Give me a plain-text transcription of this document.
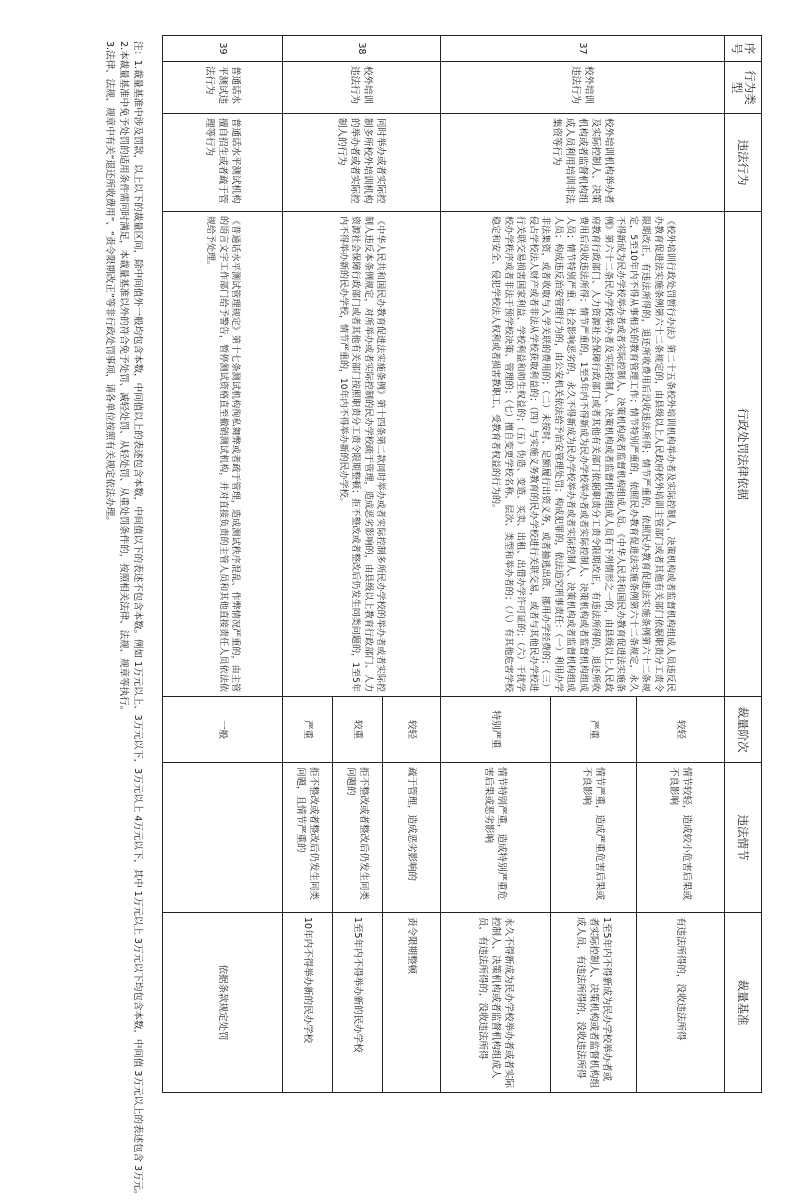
序号	行为类型	违法行为	行政处罚法律依据	裁量阶次	违法情节	裁量基准
37	校外培训违法行为	校外培训机构举办者及实际控制人、决策机构或者监督机构组成人员利用培训非法集资等行为	《校外培训行政处罚暂行办法》第二十五条校外培训机构举办者及实际控制人、决策机构或者监督机构组成人员违反民办教育促进法实施条例第六十二条规定的，由县级以上人民政府校外培训主管部门或者其他有关部门依据职责分工责令限期改正，有违法所得的，退还所收费用后没收违法所得；情节严重的，依照民办教育促进法实施条例第六十二条规定，5至10年内不得从事相关的教育管理工作；情节特别严重的，依照民办教育促进法实施条例第六十二条规定，永久不得新成为民办学校举办者或者实际控制人、决策机构或者监督机构组成人员。《中华人民共和国民办教育促进法实施条例》第六十二条民办学校举办者及实际控制人、决策机构或者监督机构组成人员有下列情形之一的，由县级以上人民政府教育行政部门、人力资源社会保障行政部门或者其他有关部门依据职责分工责令限期改正，有违法所得的，退还所收费用后没收违法所得；情节严重的，1至5年内不得新成为民办学校举办者或者实际控制人、决策机构或者监督机构组成人员；情节特别严重、社会影响恶劣的，永久不得新成为民办学校举办者或者实际控制人、决策机构或者监督机构组成人员；构成违反治安管理行为的，由公安机关依法给予治安管理处罚；构成犯罪的，依法追究刑事责任：（一）利用办学非法集资，或者收取与入学关联的费用的；（二）未按时、足额履行出资义务，或者抽逃出资、挪用办学经费的；（三）侵占学校法人财产或者非法从学校获取利益的；（四）与实施义务教育的民办学校进行关联交易，或者与其他民办学校进行关联交易损害国家利益、学校利益和师生权益的；（五）伪造、变造、买卖、出租、出借办学许可证的；（六）干扰学校办学秩序或者非法干预学校决策、管理的；（七）擅自变更学校名称、层次、类型和举办者的；（八）有其他危害学校稳定和安全、侵犯学校法人权利或者损害教职工、受教育者权益的行为的。	较轻	情节较轻，造成较小危害后果或不良影响	有违法所得的，没收违法所得
				严重	情节严重，造成严重危害后果或不良影响	1至5年内不得新成为民办学校举办者或者实际控制人、决策机构或者监督机构组成人员，有违法所得的，没收违法所得

				特别严重	情节特别严重，造成特别严重危害后果或恶劣影响	永久不得新成为民办学校举办者或者实际控制人、决策机构或者监督机构组成人员，有违法所得的，没收违法所得
38	校外培训违法行为	同时举办或者实际控制多所校外培训机构的举办者或者实际控制人的行为	《中华人民共和国民办教育促进法实施条例》第十四条第二款同时举办或者实际控制多所民办学校的举办者或者实际控制人违反本条例规定，对所举办或者实际控制的民办学校疏于管理，造成恶劣影响的，由县级以上教育行政部门、人力资源社会保障行政部门或者其他有关部门按照职责分工责令限期整顿；拒不整改或者整改后仍发生同类问题的，1至5年内不得举办新的民办学校，情节严重的，10年内不得举办新的民办学校。	较轻	疏于管理，造成恶劣影响的	责令限期整顿
				较重	拒不整改或者整改后仍发生同类问题的	1至5年内不得举办新的民办学校
				严重	拒不整改或者整改后仍发生同类问题，且情节严重的	10年内不得举办新的民办学校
39	普通话水平测试违法行为	普通话水平测试机构擅自招生或者疏于管理等行为	《普通话水平测试管理规定》第十七条测试机构徇私舞弊或者疏于管理，造成测试秩序混乱、作弊情况严重的，由主管的语言文字工作部门给予警告，暂停测试资格直至撤销测试机构，并对直接负责的主管人员和其他直接责任人员依法依规给予处理。	一般		依据条款规定处罚
注：1.裁量基准中涉及罚款，以上以下的裁量区间，除中间值外一般均包含本数，中间值以上的表述包含本数，中间值以下的表述不包含本数。例如 1万元以上、3万元以下，3万元以上 4万元以下，其中 1万元以上 3万元以下均包含本数，中间值 3万元以上的表述包含 3万元。
2.本裁量基准中免予处罚的适用条件需同时满足，本裁量基准以外的符合免予处罚、减轻处罚、从轻处罚、从重处罚条件的，按照相关法律、法规、规章等执行。
3.法律、法规、规章中有关“退还所收费用”、“责令限期改正”等非行政处罚事项，请各单位按照有关规定依法办理。
